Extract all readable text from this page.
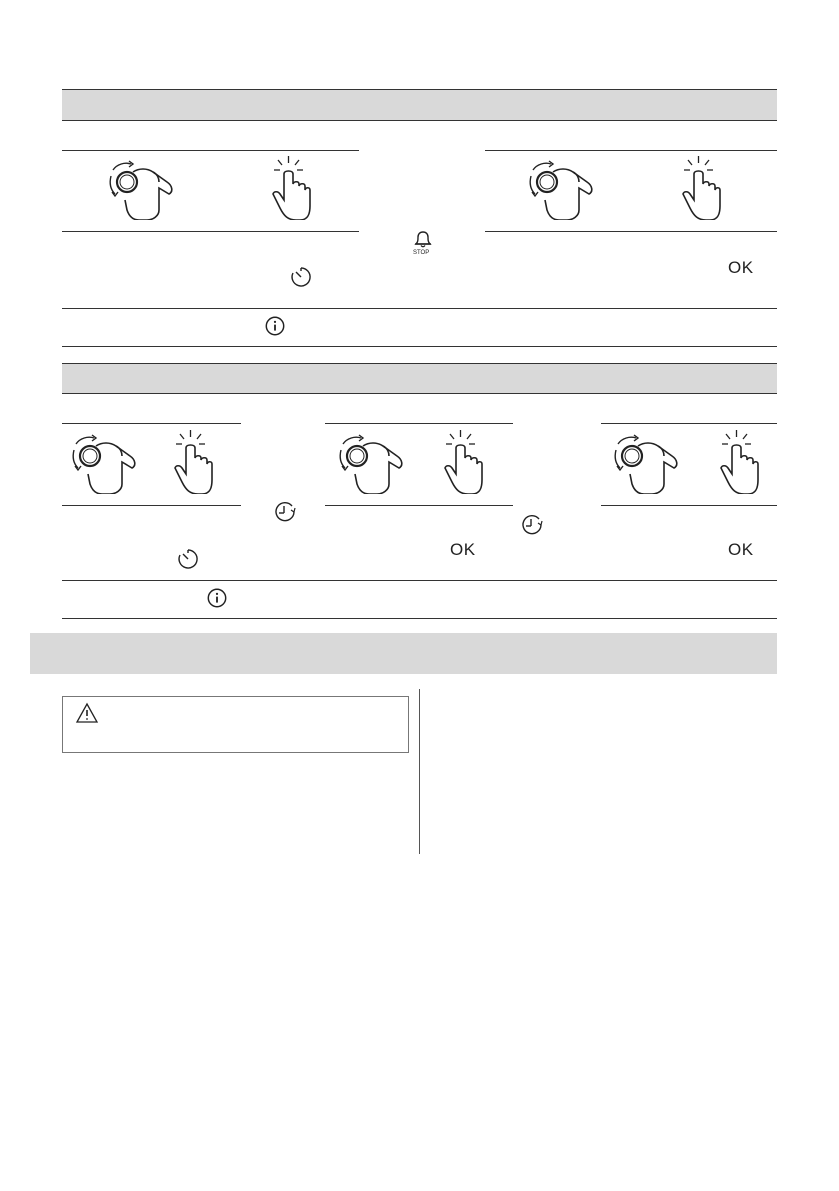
STOP
OK
OK	OK
